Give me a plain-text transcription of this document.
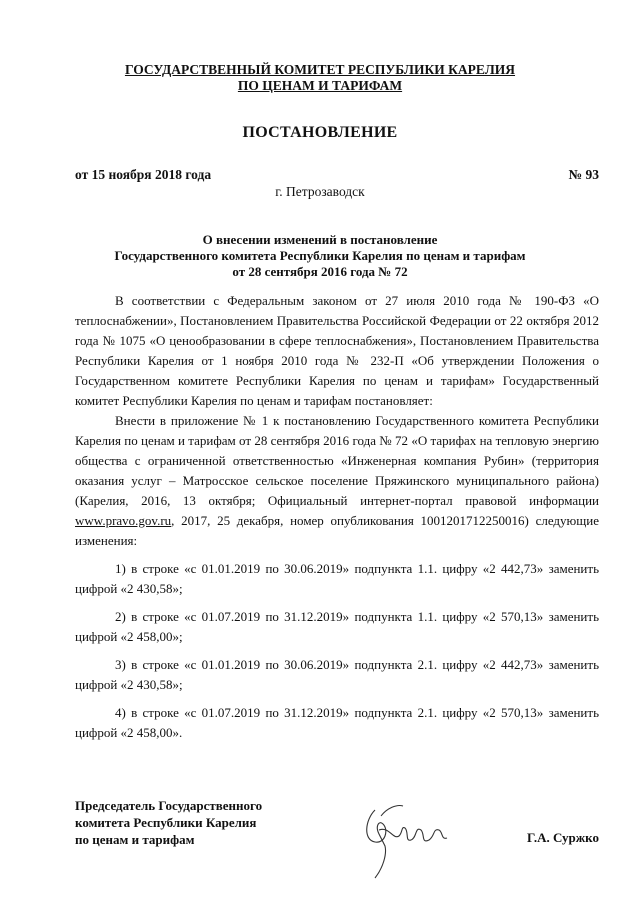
ГОСУДАРСТВЕННЫЙ КОМИТЕТ РЕСПУБЛИКИ КАРЕЛИЯ
ПО ЦЕНАМ И ТАРИФАМ
ПОСТАНОВЛЕНИЕ
от 15 ноября 2018 года	№ 93
г. Петрозаводск
О внесении изменений в постановление
Государственного комитета Республики Карелия по ценам и тарифам
от 28 сентября 2016 года № 72

В соответствии с Федеральным законом от 27 июля 2010 года № 190-ФЗ «О теплоснабжении», Постановлением Правительства Российской Федерации от 22 октября 2012 года № 1075 «О ценообразовании в сфере теплоснабжения», Постановлением Правительства Республики Карелия от 1 ноября 2010 года № 232-П «Об утверждении Положения о Государственном комитете Республики Карелия по ценам и тарифам» Государственный комитет Республики Карелия по ценам и тарифам постановляет:

Внести в приложение № 1 к постановлению Государственного комитета Республики Карелия по ценам и тарифам от 28 сентября 2016 года № 72 «О тарифах на тепловую энергию общества с ограниченной ответственностью «Инженерная компания Рубин» (территория оказания услуг – Матросское сельское поселение Пряжинского муниципального района) (Карелия, 2016, 13 октября; Официальный интернет-портал правовой информации www.pravo.gov.ru, 2017, 25 декабря, номер опубликования 1001201712250016) следующие изменения:

1) в строке «с 01.01.2019 по 30.06.2019» подпункта 1.1. цифру «2 442,73» заменить цифрой «2 430,58»;

2) в строке «с 01.07.2019 по 31.12.2019» подпункта 1.1. цифру «2 570,13» заменить цифрой «2 458,00»;

3) в строке «с 01.01.2019 по 30.06.2019» подпункта 2.1. цифру «2 442,73» заменить цифрой «2 430,58»;

4) в строке «с 01.07.2019 по 31.12.2019» подпункта 2.1. цифру «2 570,13» заменить цифрой «2 458,00».

Председатель Государственного
комитета Республики Карелия
по ценам и тарифам	Г.А. Суржко
